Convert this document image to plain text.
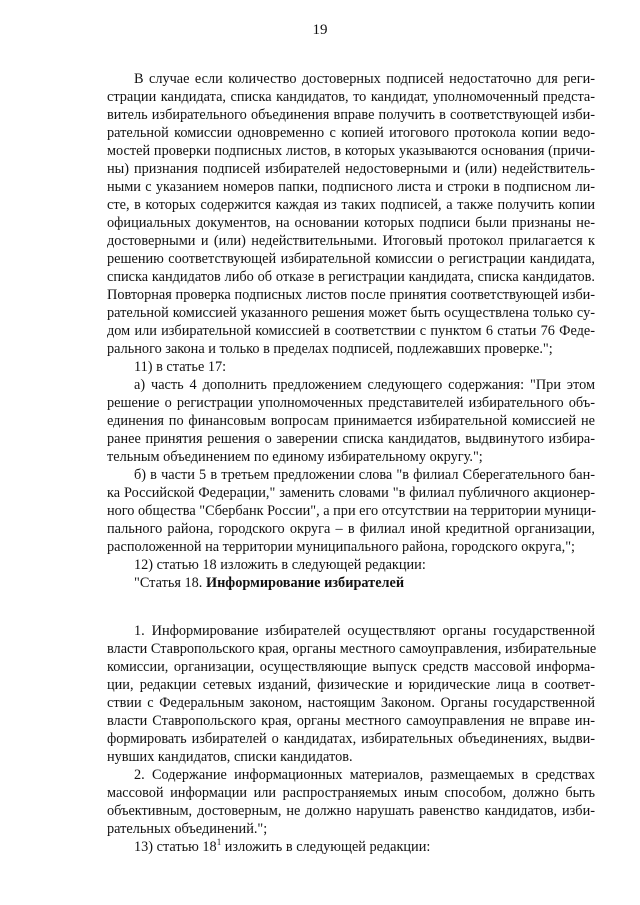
19
В случае если количество достоверных подписей недостаточно для реги-
страции кандидата, списка кандидатов, то кандидат, уполномоченный предста-
витель избирательного объединения вправе получить в соответствующей изби-
рательной комиссии одновременно с копией итогового протокола копии ведо-
мостей проверки подписных листов, в которых указываются основания (причи-
ны) признания подписей избирателей недостоверными и (или) недействитель-
ными с указанием номеров папки, подписного листа и строки в подписном ли-
сте, в которых содержится каждая из таких подписей, а также получить копии
официальных документов, на основании которых подписи были признаны не-
достоверными и (или) недействительными. Итоговый протокол прилагается к
решению соответствующей избирательной комиссии о регистрации кандидата,
списка кандидатов либо об отказе в регистрации кандидата, списка кандидатов.
Повторная проверка подписных листов после принятия соответствующей изби-
рательной комиссией указанного решения может быть осуществлена только су-
дом или избирательной комиссией в соответствии с пунктом 6 статьи 76 Феде-
рального закона и только в пределах подписей, подлежавших проверке.";
11) в статье 17:
а) часть 4 дополнить предложением следующего содержания: "При этом
решение о регистрации уполномоченных представителей избирательного объ-
единения по финансовым вопросам принимается избирательной комиссией не
ранее принятия решения о заверении списка кандидатов, выдвинутого избира-
тельным объединением по единому избирательному округу.";
б) в части 5 в третьем предложении слова "в филиал Сберегательного бан-
ка Российской Федерации," заменить словами "в филиал публичного акционер-
ного общества "Сбербанк России", а при его отсутствии на территории муници-
пального района, городского округа – в филиал иной кредитной организации,
расположенной на территории муниципального района, городского округа,";
12) статью 18 изложить в следующей редакции:
"Статья 18. Информирование избирателей
1. Информирование избирателей осуществляют органы государственной
власти Ставропольского края, органы местного самоуправления, избирательные
комиссии, организации, осуществляющие выпуск средств массовой информа-
ции, редакции сетевых изданий, физические и юридические лица в соответ-
ствии с Федеральным законом, настоящим Законом. Органы государственной
власти Ставропольского края, органы местного самоуправления не вправе ин-
формировать избирателей о кандидатах, избирательных объединениях, выдви-
нувших кандидатов, списки кандидатов.
2. Содержание информационных материалов, размещаемых в средствах
массовой информации или распространяемых иным способом, должно быть
объективным, достоверным, не должно нарушать равенство кандидатов, изби-
рательных объединений.";
13) статью $18^1$ изложить в следующей редакции:
